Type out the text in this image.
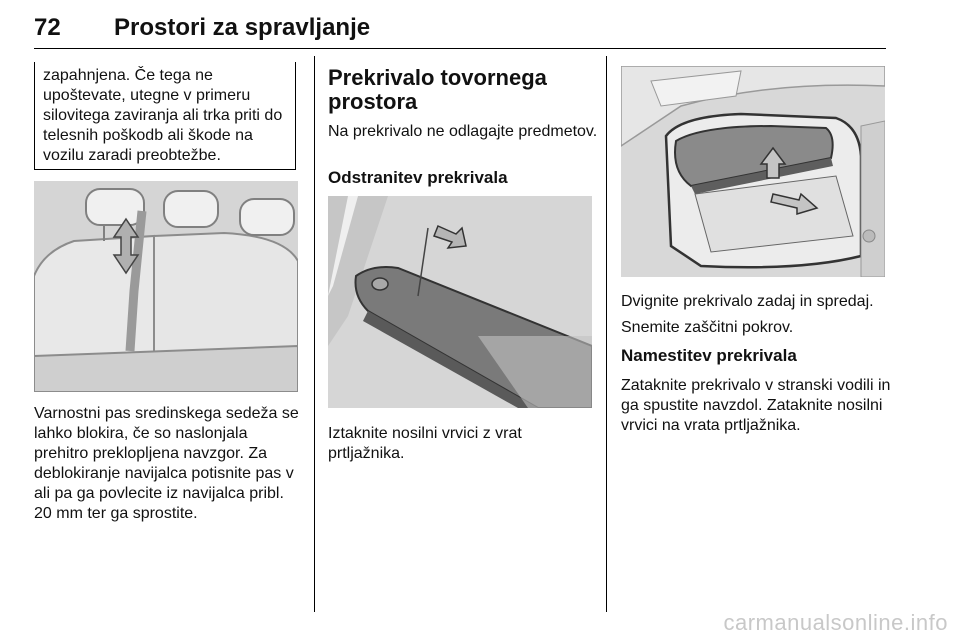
72 Prostori za spravljanje

zapahnjena. Če tega ne upoštevate, utegne v primeru silovitega zaviranja ali trka priti do telesnih poškodb ali škode na vozilu zaradi preobtežbe.

Varnostni pas sredinskega sedeža se lahko blokira, če so naslonjala prehitro preklopljena navzgor. Za deblokiranje navijalca potisnite pas v ali pa ga povlecite iz navijalca pribl. 20 mm ter ga sprostite.

Prekrivalo tovornega prostora

Na prekrivalo ne odlagajte predmetov.

Odstranitev prekrivala

Iztaknite nosilni vrvici z vrat prtljažnika.

Dvignite prekrivalo zadaj in spredaj.

Snemite zaščitni pokrov.

Namestitev prekrivala

Zataknite prekrivalo v stranski vodili in ga spustite navzdol. Zataknite nosilni vrvici na vrata prtljažnika.

carmanualsonline.info
